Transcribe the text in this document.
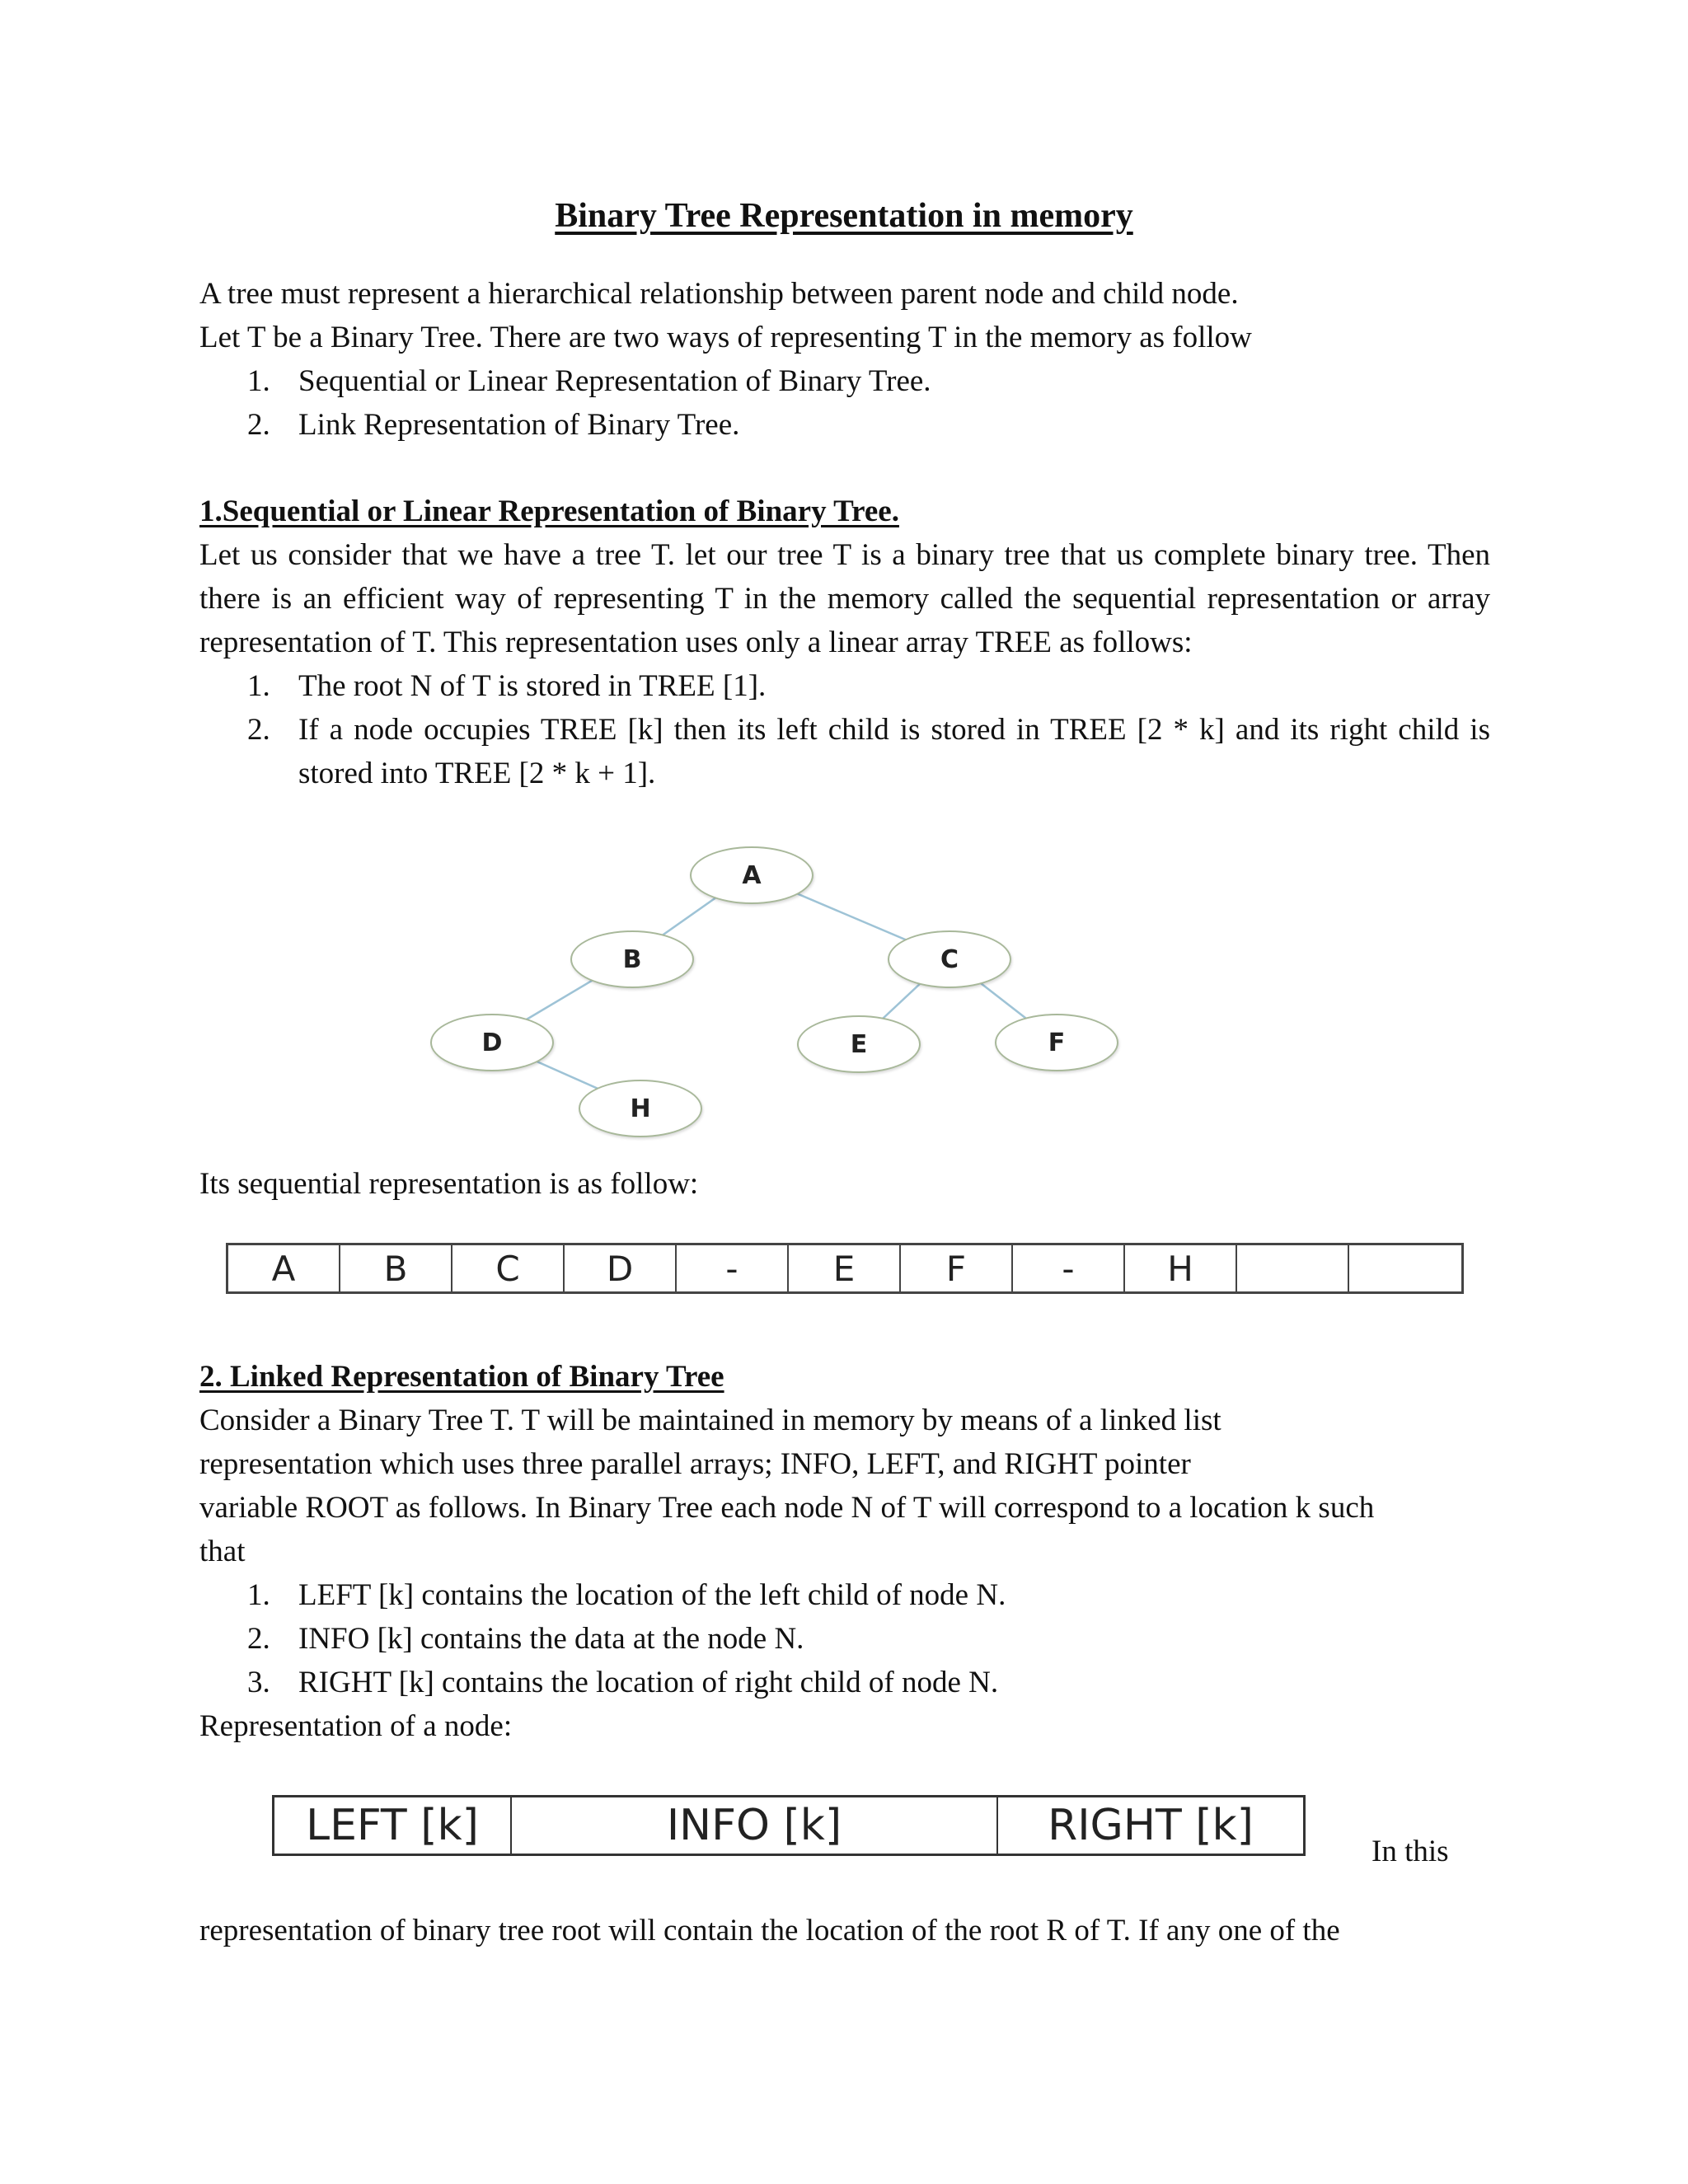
Binary Tree Representation in memory

A tree must represent a hierarchical relationship between parent node and child node.

Let T be a Binary Tree. There are two ways of representing T in the memory as follow

1. Sequential or Linear Representation of Binary Tree.
2. Link Representation of Binary Tree.

1.Sequential or Linear Representation of Binary Tree.

Let us consider that we have a tree T. let our tree T is a binary tree that us complete binary tree. Then there is an efficient way of representing T in the memory called the sequential representation or array representation of T. This representation uses only a linear array TREE as follows:

1. The root N of T is stored in TREE [1].
2. If a node occupies TREE [k] then its left child is stored in TREE [2 * k] and its right child is stored into TREE [2 * k + 1].
A
B	C
D	E	F
H
Its sequential representation is as follow:
A	B	C	D	-	E	F	-	H

2. Linked Representation of Binary Tree

Consider a Binary Tree T. T will be maintained in memory by means of a linked list

representation which uses three parallel arrays; INFO, LEFT, and RIGHT pointer

variable ROOT as follows. In Binary Tree each node N of T will correspond to a location k such

that

1. LEFT [k] contains the location of the left child of node N.
2. INFO [k] contains the data at the node N.
3. RIGHT [k] contains the location of right child of node N.

Representation of a node:

LEFT [k]	INFO [k]	RIGHT [k]
In this
representation of binary tree root will contain the location of the root R of T. If any one of the
